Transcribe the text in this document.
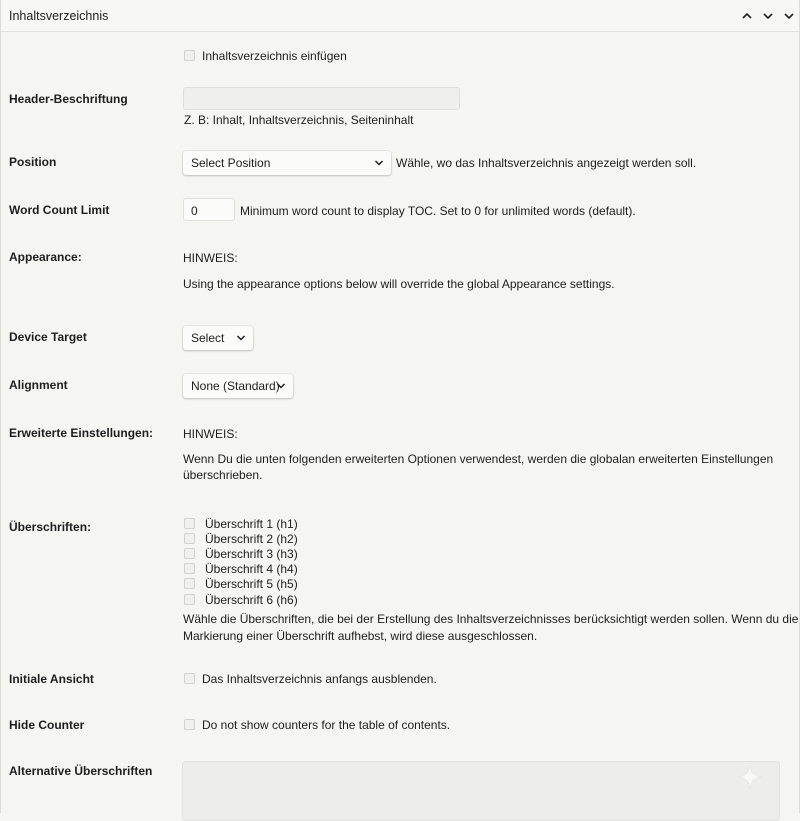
Inhaltsverzeichnis
Inhaltsverzeichnis einfügen
Header-Beschriftung
Z. B: Inhalt, Inhaltsverzeichnis, Seiteninhalt
Position	Select Position	Wähle, wo das Inhaltsverzeichnis angezeigt werden soll.
Word Count Limit	0	Minimum word count to display TOC. Set to 0 for unlimited words (default).
Appearance:	HINWEIS:
Using the appearance options below will override the global Appearance settings.
Device Target	Select
Alignment	None (Standard)
Erweiterte Einstellungen: HINWEIS:
Wenn Du die unten folgenden erweiterten Optionen verwendest, werden die globalan erweiterten Einstellungen
überschrieben.
Überschriften:	Überschrift 1 (h1)
Überschrift 2 (h2)
Überschrift 3 (h3)
Überschrift 4 (h4)
Überschrift 5 (h5)
Überschrift 6 (h6)
Wähle die Überschriften, die bei der Erstellung des Inhaltsverzeichnisses berücksichtigt werden sollen. Wenn du die
Markierung einer Überschrift aufhebst, wird diese ausgeschlossen.
Initiale Ansicht	Das Inhaltsverzeichnis anfangs ausblenden.
Hide Counter	Do not show counters for the table of contents.
Alternative Überschriften
